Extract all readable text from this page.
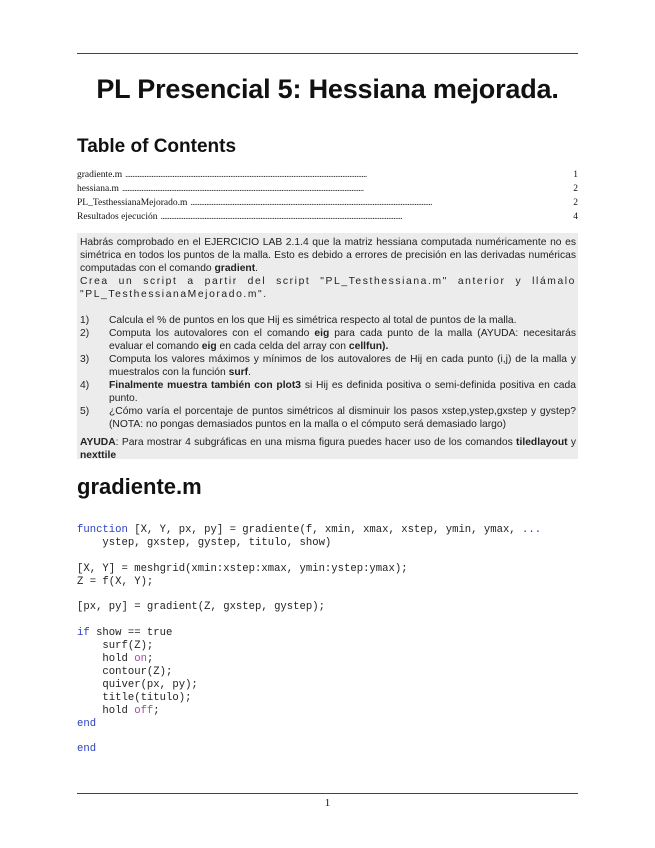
PL Presencial 5: Hessiana mejorada.
Table of Contents
gradiente.m . . .	1
hessiana.m . . .	2
PL_TesthessianaMejorado.m . . .	2
Resultados ejecución . . .	4

Habrás comprobado en el EJERCICIO LAB 2.1.4 que la matriz hessiana computada numéricamente no es simétrica en todos los puntos de la malla. Esto es debido a errores de precisión en las derivadas numéricas computadas con el comando gradient.

Crea un script a partir del script "PL_Testhessiana.m" anterior y llámalo "PL_TesthessianaMejorado.m".

1)	Calcula el % de puntos en los que Hij es simétrica respecto al total de puntos de la malla.
2)	Computa los autovalores con el comando eig para cada punto de la malla (AYUDA: necesitarás evaluar el comando eig en cada celda del array con cellfun).
3)	Computa los valores máximos y mínimos de los autovalores de Hij en cada punto (i,j) de la malla y muestralos con la función surf.
4)	Finalmente muestra también con plot3 si Hij es definida positiva o semi-definida positiva en cada punto.
5)	¿Cómo varía el porcentaje de puntos simétricos al disminuir los pasos xstep,ystep,gxstep y gystep? (NOTA: no pongas demasiados puntos en la malla o el cómputo será demasiado largo)

AYUDA: Para mostrar 4 subgráficas en una misma figura puedes hacer uso de los comandos tiledlayout y nexttile

gradiente.m
function [X, Y, px, py] = gradiente(f, xmin, xmax, xstep, ymin, ymax, ...
ystep, gxstep, gystep, titulo, show)

[X, Y] = meshgrid(xmin:xstep:xmax, ymin:ystep:ymax);
Z = f(X, Y);

[px, py] = gradient(Z, gxstep, gystep);

if show == true
surf(Z);
hold on;
contour(Z);
quiver(px, py);
title(titulo);
hold off;
end

end
1
